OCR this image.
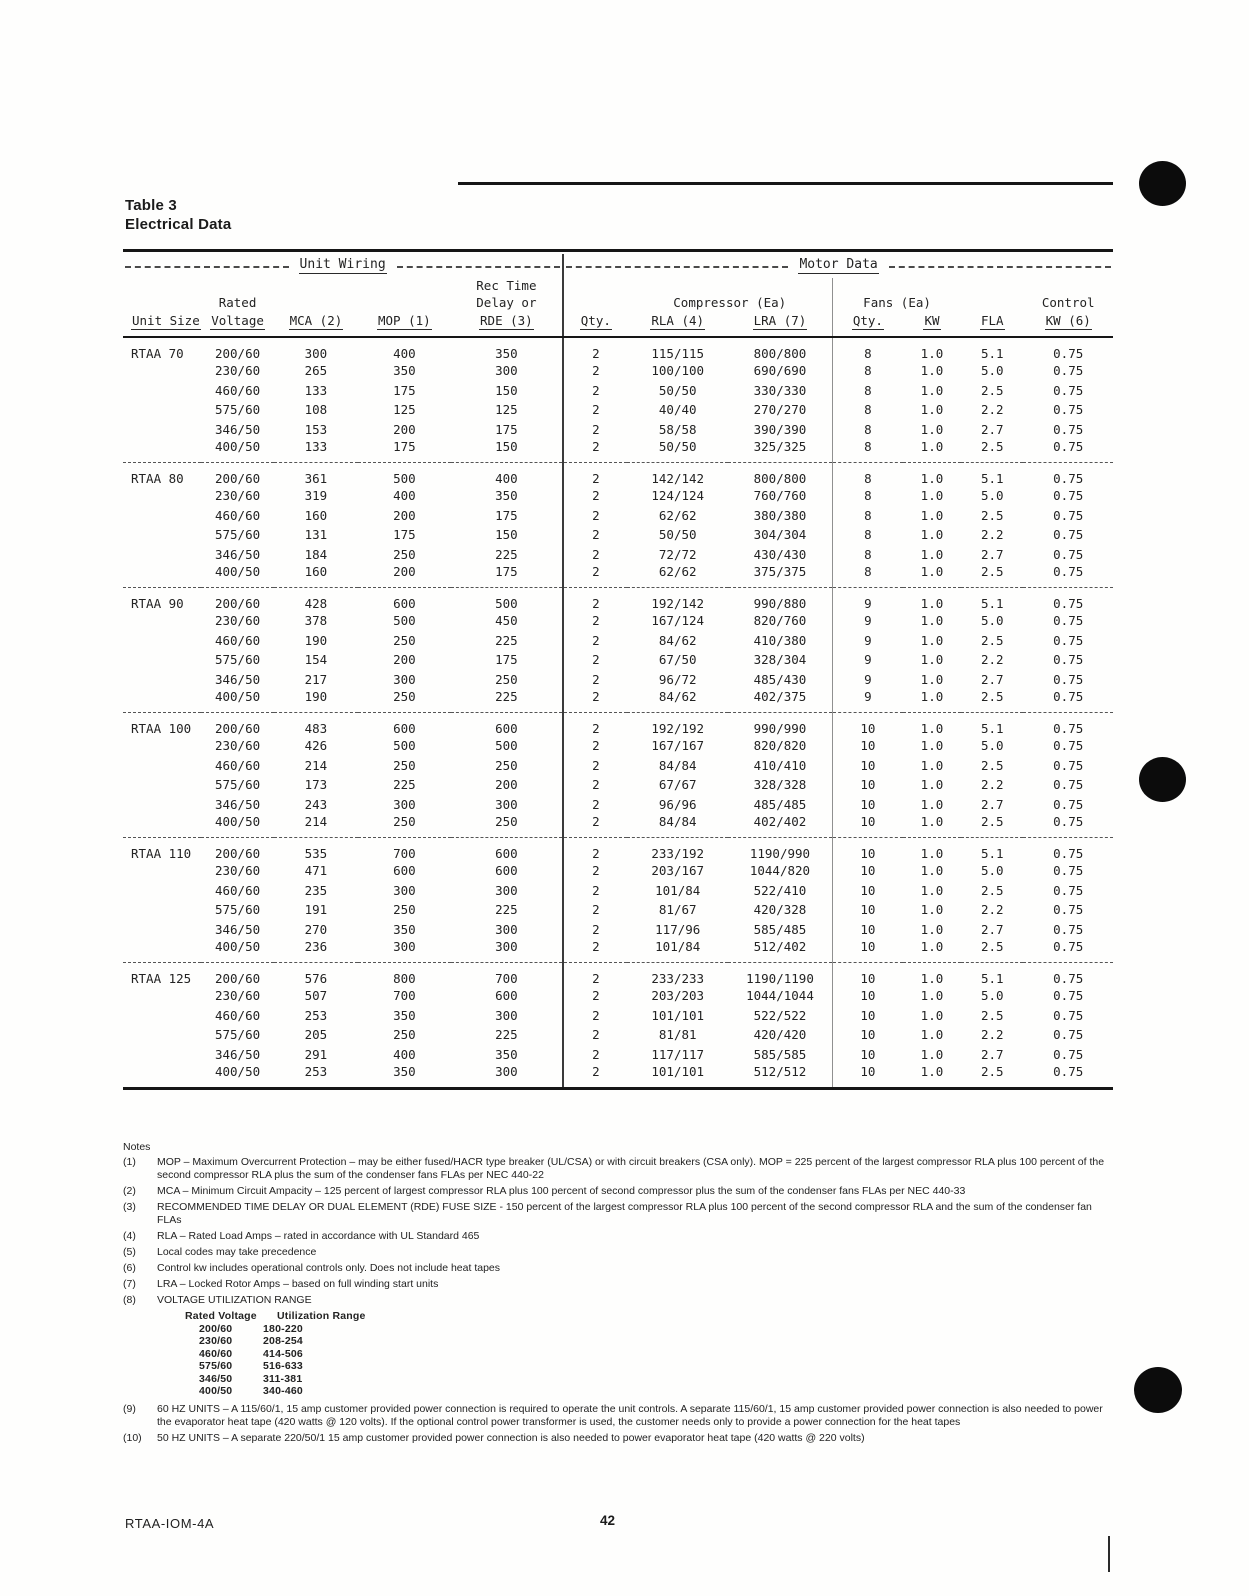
Table 3
Electrical Data
Unit Wiring					Motor Data						

				Rec Time							
	Rated			Delay or		Compressor (Ea)		Fans (Ea)			Control
Unit Size	Voltage	MCA (2)	MOP (1)	RDE (3)	Qty.	RLA (4)	LRA (7)	Qty.	KW	FLA	KW (6)
RTAA 70	200/60	300	400	350	2	115/115	800/800	8	1.0	5.1	0.75
	230/60	265	350	300	2	100/100	690/690	8	1.0	5.0	0.75
	460/60	133	175	150	2	50/50	330/330	8	1.0	2.5	0.75
	575/60	108	125	125	2	40/40	270/270	8	1.0	2.2	0.75
	346/50	153	200	175	2	58/58	390/390	8	1.0	2.7	0.75
	400/50	133	175	150	2	50/50	325/325	8	1.0	2.5	0.75
RTAA 80	200/60	361	500	400	2	142/142	800/800	8	1.0	5.1	0.75
	230/60	319	400	350	2	124/124	760/760	8	1.0	5.0	0.75
	460/60	160	200	175	2	62/62	380/380	8	1.0	2.5	0.75
	575/60	131	175	150	2	50/50	304/304	8	1.0	2.2	0.75
	346/50	184	250	225	2	72/72	430/430	8	1.0	2.7	0.75
	400/50	160	200	175	2	62/62	375/375	8	1.0	2.5	0.75
RTAA 90	200/60	428	600	500	2	192/142	990/880	9	1.0	5.1	0.75
	230/60	378	500	450	2	167/124	820/760	9	1.0	5.0	0.75
	460/60	190	250	225	2	84/62	410/380	9	1.0	2.5	0.75
	575/60	154	200	175	2	67/50	328/304	9	1.0	2.2	0.75
	346/50	217	300	250	2	96/72	485/430	9	1.0	2.7	0.75
	400/50	190	250	225	2	84/62	402/375	9	1.0	2.5	0.75
RTAA 100	200/60	483	600	600	2	192/192	990/990	10	1.0	5.1	0.75
	230/60	426	500	500	2	167/167	820/820	10	1.0	5.0	0.75
	460/60	214	250	250	2	84/84	410/410	10	1.0	2.5	0.75
	575/60	173	225	200	2	67/67	328/328	10	1.0	2.2	0.75
	346/50	243	300	300	2	96/96	485/485	10	1.0	2.7	0.75
	400/50	214	250	250	2	84/84	402/402	10	1.0	2.5	0.75
RTAA 110	200/60	535	700	600	2	233/192	1190/990	10	1.0	5.1	0.75
	230/60	471	600	600	2	203/167	1044/820	10	1.0	5.0	0.75
	460/60	235	300	300	2	101/84	522/410	10	1.0	2.5	0.75
	575/60	191	250	225	2	81/67	420/328	10	1.0	2.2	0.75
	346/50	270	350	300	2	117/96	585/485	10	1.0	2.7	0.75
	400/50	236	300	300	2	101/84	512/402	10	1.0	2.5	0.75
RTAA 125	200/60	576	800	700	2	233/233	1190/1190	10	1.0	5.1	0.75
	230/60	507	700	600	2	203/203	1044/1044	10	1.0	5.0	0.75
	460/60	253	350	300	2	101/101	522/522	10	1.0	2.5	0.75
	575/60	205	250	225	2	81/81	420/420	10	1.0	2.2	0.75
	346/50	291	400	350	2	117/117	585/585	10	1.0	2.7	0.75
	400/50	253	350	300	2	101/101	512/512	10	1.0	2.5	0.75
Notes
(1)	MOP – Maximum Overcurrent Protection – may be either fused/HACR type breaker (UL/CSA) or with circuit breakers (CSA only). MOP = 225 percent of the largest compressor RLA plus 100 percent of the second compressor RLA plus the sum of the condenser fans FLAs per NEC 440-22
(2)	MCA – Minimum Circuit Ampacity – 125 percent of largest compressor RLA plus 100 percent of second compressor plus the sum of the condenser fans FLAs per NEC 440-33
(3)	RECOMMENDED TIME DELAY OR DUAL ELEMENT (RDE) FUSE SIZE - 150 percent of the largest compressor RLA plus 100 percent of the second compressor RLA and the sum of the condenser fan FLAs
(4)	RLA – Rated Load Amps – rated in accordance with UL Standard 465
(5)	Local codes may take precedence
(6)	Control kw includes operational controls only. Does not include heat tapes
(7)	LRA – Locked Rotor Amps – based on full winding start units
(8)	VOLTAGE UTILIZATION RANGE
Rated Voltage	Utilization Range
200/60	180-220
230/60	208-254
460/60	414-506
575/60	516-633
346/50	311-381
400/50	340-460
(9)	60 HZ UNITS – A 115/60/1, 15 amp customer provided power connection is required to operate the unit controls. A separate 115/60/1, 15 amp customer provided power connection is also needed to power the evaporator heat tape (420 watts @ 120 volts). If the optional control power transformer is used, the customer needs only to provide a power connection for the heat tapes
(10)	50 HZ UNITS – A separate 220/50/1 15 amp customer provided power connection is also needed to power evaporator heat tape (420 watts @ 220 volts)
RTAA-IOM-4A	42
